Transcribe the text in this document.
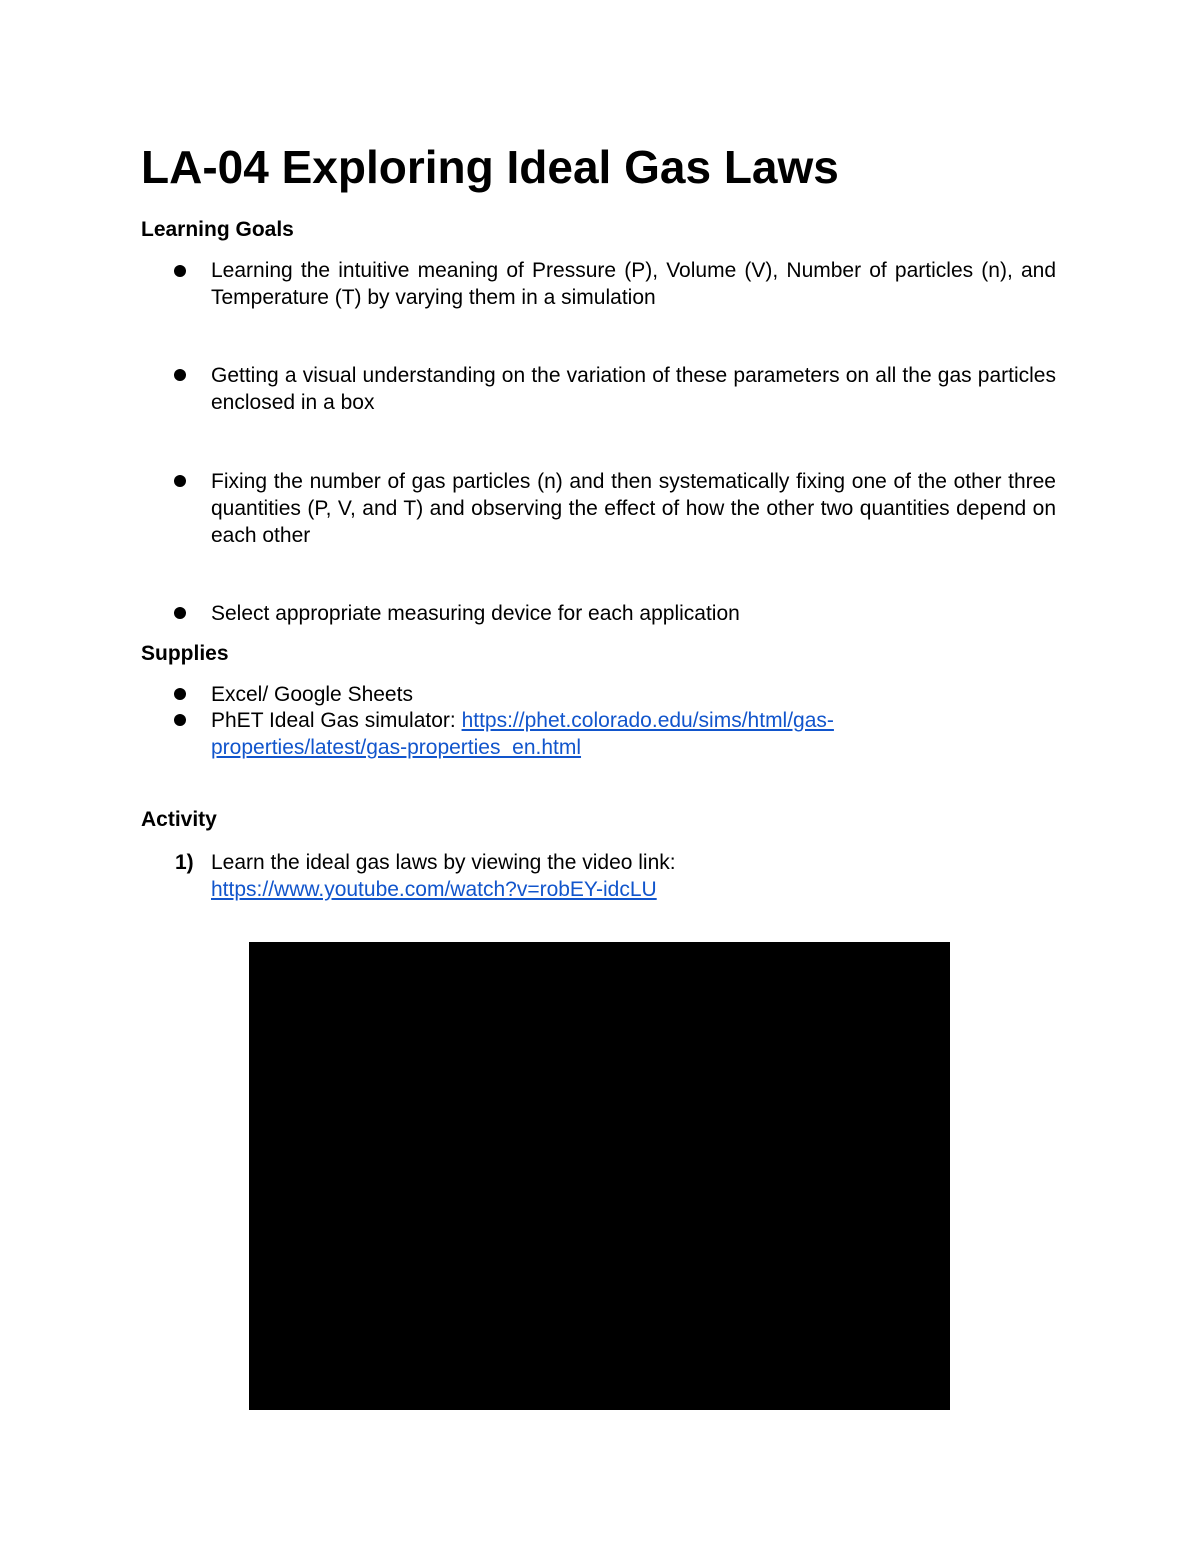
LA-04 Exploring Ideal Gas Laws
Learning Goals

Learning the intuitive meaning of Pressure (P), Volume (V), Number of particles (n), and Temperature (T) by varying them in a simulation

Getting a visual understanding on the variation of these parameters on all the gas particles enclosed in a box

Fixing the number of gas particles (n) and then systematically fixing one of the other three quantities (P, V, and T) and observing the effect of how the other two quantities depend on each other

Select appropriate measuring device for each application

Supplies

Excel/ Google Sheets

PhET Ideal Gas simulator: https://phet.colorado.edu/sims/html/gas-properties/latest/gas-properties_en.html

Activity
1) Learn the ideal gas laws by viewing the video link:
https://www.youtube.com/watch?v=robEY-idcLU
